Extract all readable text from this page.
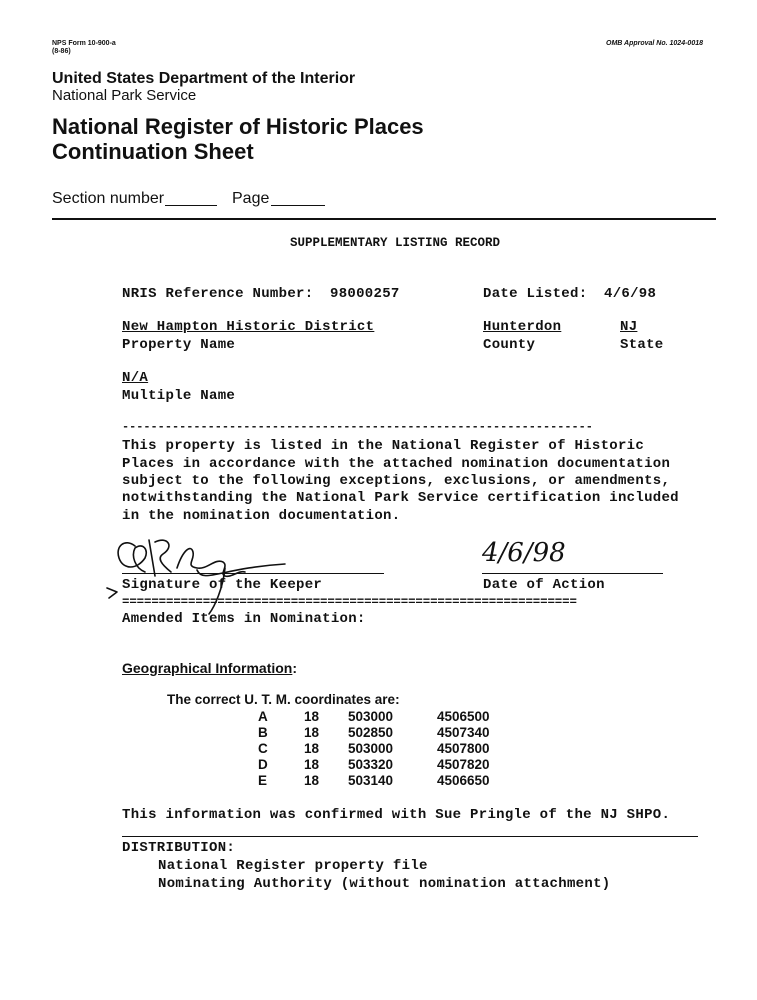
NPS Form 10-900-a
(8-86)
OMB Approval No. 1024-0018
United States Department of the Interior
National Park Service
National Register of Historic Places
Continuation Sheet
Section number	Page
SUPPLEMENTARY LISTING RECORD
NRIS Reference Number: 98000257	Date Listed: 4/6/98
New Hampton Historic District
Property Name
Hunterdon
County
NJ
State
N/A
Multiple Name
------------------------------------------------------------------
This property is listed in the National Register of Historic
Places in accordance with the attached nomination documentation
subject to the following exceptions, exclusions, or amendments,
notwithstanding the National Park Service certification included
in the nomination documentation.
Signature of the Keeper
4/6/98
Date of Action
==============================================================
Amended Items in Nomination:
Geographical Information:
The correct U. T. M. coordinates are:
A	18 503000	4506500
B	18 502850	4507340
C	18 503000	4507800
D	18 503320	4507820
E	18 503140	4506650
This information was confirmed with Sue Pringle of the NJ SHPO.
DISTRIBUTION:
National Register property file
Nominating Authority (without nomination attachment)
